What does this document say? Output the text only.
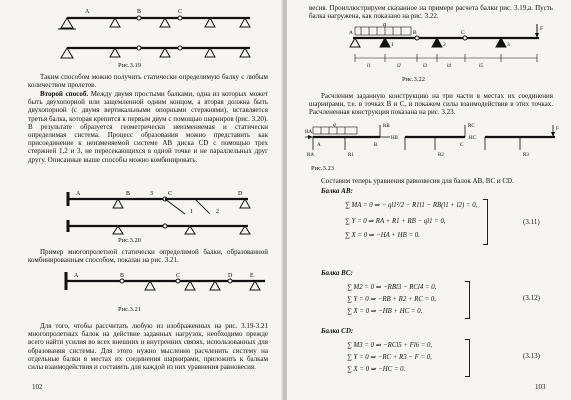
A	B	C
Рис.3.19

Таким способом можно получить статически определимую балку с любым количеством пролетов.

Второй способ. Между двумя простыми балками, одна из которых может быть двухопорной или защемленной одним концом, а вторая должна быть двухопорной (с двумя вертикальными опорными стержнями), вставляется третья балка, которая крепится к первым двум с помощью шарниров (рис. 3.20). В результате образуется геометрически неизменяемая и статически определимая система. Процесс образования можно представить как присоединение к неизменяемой системе AB диска CD с помощью трех стержней 1,2 и 3, не пересекающихся в одной точке и не параллельных друг другу. Описанные выше способы можно комбинировать.

A	B	3	C
1	2
D
Рис.3.20

Пример многопролетной статически определимой балки, образованной комбинированным способом, показан на рис. 3.21.

A	B	C	D	E
Рис.3.21

Для того, чтобы рассчитать любую из изображенных на рис. 3.19-3.21 многопролетных балок на действие заданных нагрузок, необходимо прежде всего найти усилия во всех внешних и внутренних связях, использованных для образования системы. Для этого нужно мысленно расчленить систему на отдельные балки в местах их соединения шарнирами, приложить к балкам силы взаимодействия и составить для каждой из них уравнения равновесия.

102

весия. Проиллюстрируем сказанное на примере расчета балки рис. 3.19,а. Пусть балка нагружена, как показано на рис. 3.22.

q
A	B	C
F
1	2	3
l1	l2	l3	l4	l5
Рис.3.22

Расчленим заданную конструкцию на три части в местах их соединения шарнирами, т.е. в точках B и C, и покажем силы взаимодействия в этих точках. Расчлененная конструкция показана на рис. 3.23.

q
HA
RA
A
R1
B
HB
RB
R2
C
HC
RC
R3
F
Рис.3.23

Составим теперь уравнения равновесия для балок AB, BC и CD.

Балка AB:
∑ MA = 0 ⇒ − ql1²/2 − R1l1 − RB(l1 + l2) = 0,
∑ Y = 0 ⇒ RA + R1 + RB − ql1 = 0,
∑ X = 0 ⇒ −HA + HB = 0.
(3.11)
Балка BC:
∑ M2 = 0 ⇒ −RBl3 − RCl4 = 0,
∑ Y = 0 ⇒ −RB + R2 + RC = 0,
∑ X = 0 ⇒ −HB + HC = 0.
(3.12)
Балка CD:
∑ M3 = 0 ⇒ −RCl5 + Fl6 = 0,
∑ Y = 0 ⇒ −RC + R3 − F = 0,
∑ X = 0 ⇒ −HC = 0.
(3.13)
103
